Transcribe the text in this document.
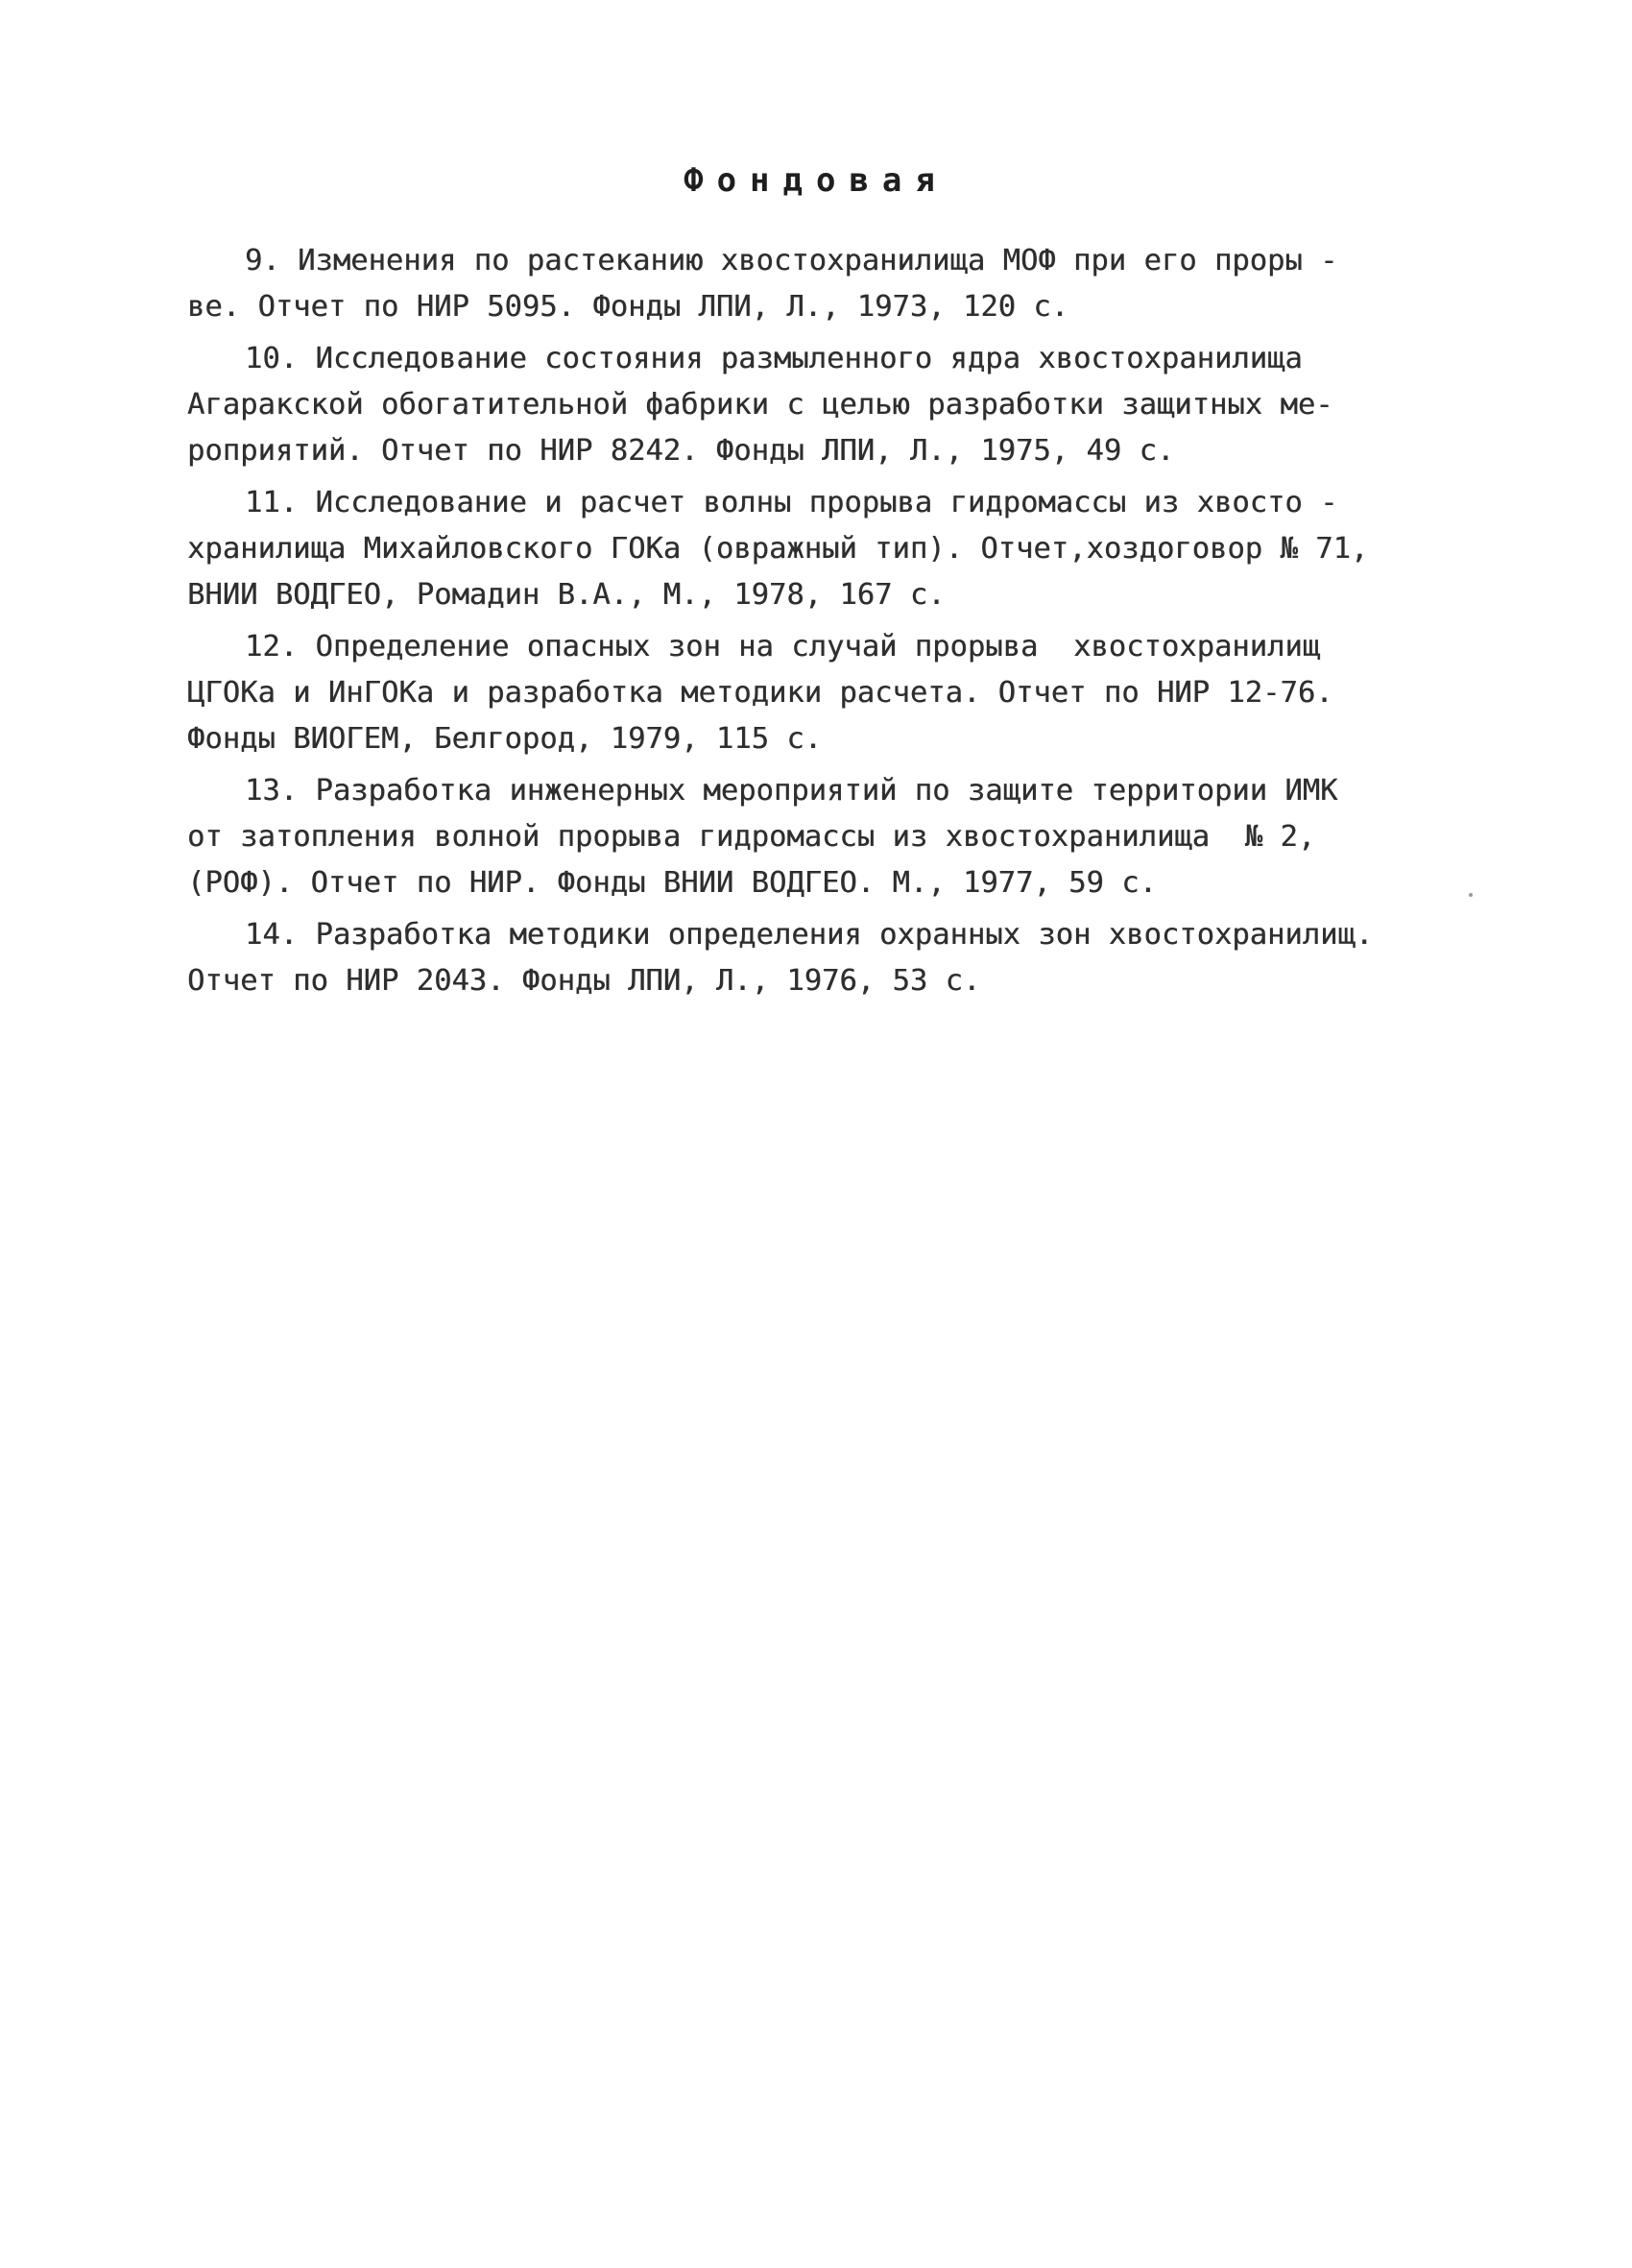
Фондовая
9. Изменения по растеканию хвостохранилища МОФ при его проры -
ве. Отчет по НИР 5095. Фонды ЛПИ, Л., 1973, 120 с.
10. Исследование состояния размыленного ядра хвостохранилища
Агаракской обогатительной фабрики с целью разработки защитных ме-
роприятий. Отчет по НИР 8242. Фонды ЛПИ, Л., 1975, 49 с.
11. Исследование и расчет волны прорыва гидромассы из хвосто -
хранилища Михайловского ГОКа (овражный тип). Отчет,хоздоговор № 71,
ВНИИ ВОДГЕО, Ромадин В.А., М., 1978, 167 с.
12. Определение опасных зон на случай прорыва  хвостохранилищ
ЦГОКа и ИнГОКа и разработка методики расчета. Отчет по НИР 12-76.
Фонды ВИОГЕМ, Белгород, 1979, 115 с.
13. Разработка инженерных мероприятий по защите территории ИМК
от затопления волной прорыва гидромассы из хвостохранилища  № 2,
(РОФ). Отчет по НИР. Фонды ВНИИ ВОДГЕО. М., 1977, 59 с.
14. Разработка методики определения охранных зон хвостохранилищ.
Отчет по НИР 2043. Фонды ЛПИ, Л., 1976, 53 с.
